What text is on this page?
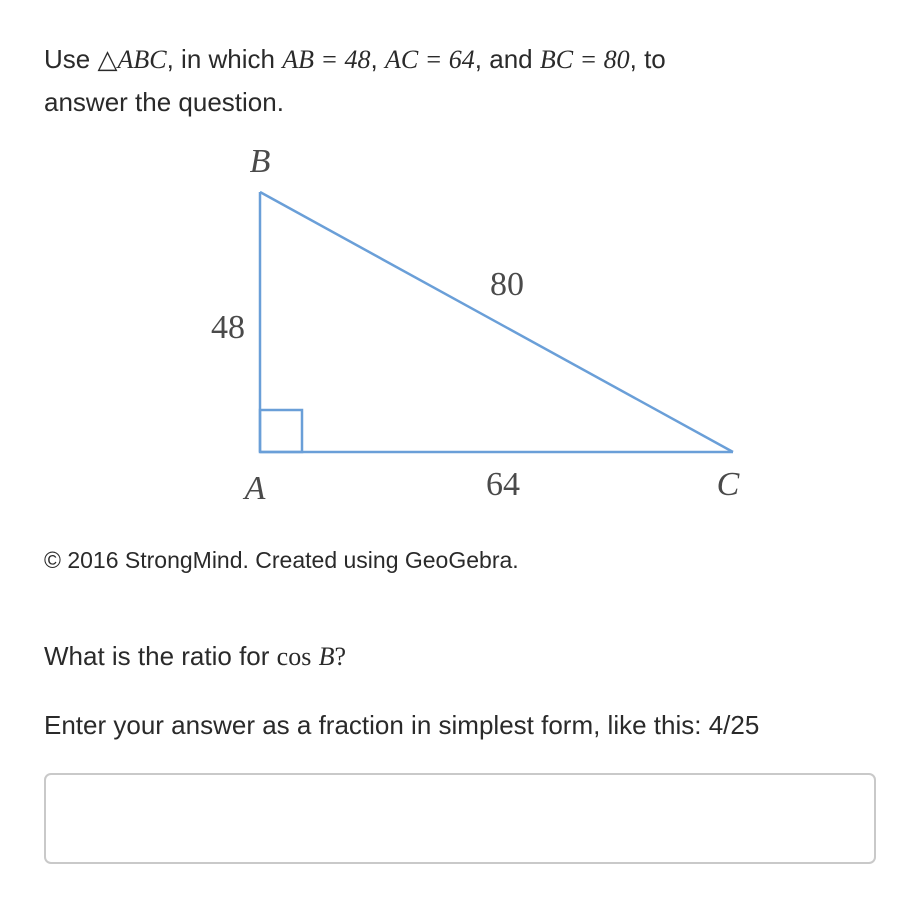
Use △ABC, in which AB = 48, AC = 64, and BC = 80, to
answer the question.
B
A	C
48
64
80
© 2016 StrongMind. Created using GeoGebra.
What is the ratio for cos B?
Enter your answer as a fraction in simplest form, like this: 4/25
